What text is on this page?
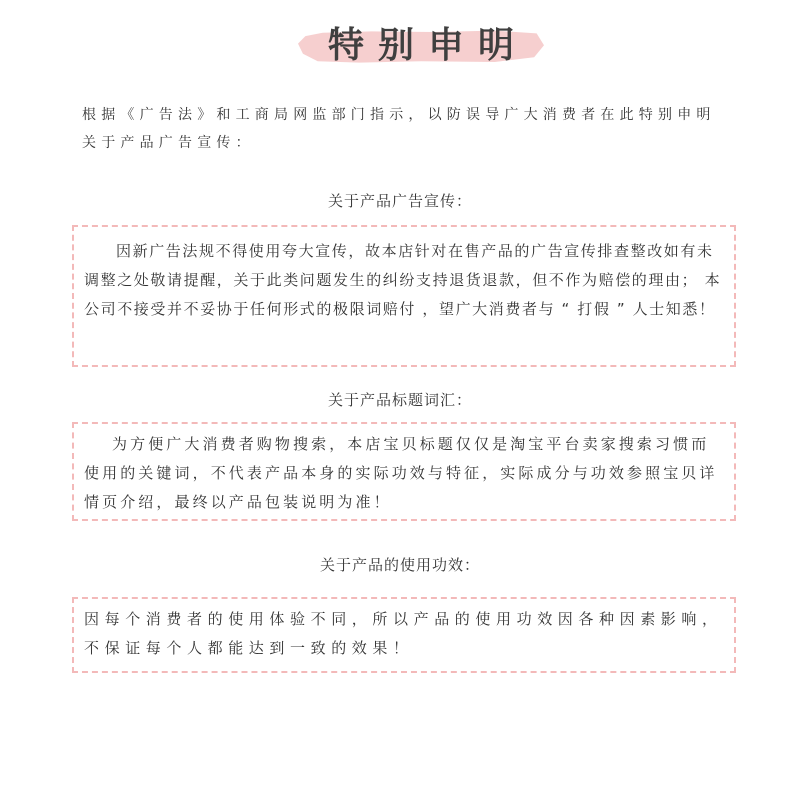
特别申明
根据《广告法》和工商局网监部门指示，以防误导广大消费者在此特别申明关于产品广告宣传：
关于产品广告宣传：
因新广告法规不得使用夸大宣传，故本店针对在售产品的广告宣传排查整改如有未调整之处敬请提醒，关于此类问题发生的纠纷支持退货退款，但不作为赔偿的理由； 本公司不接受并不妥协于任何形式的极限词赔付 ，望广大消费者与 “ 打假 ” 人士知悉！
关于产品标题词汇：
为方便广大消费者购物搜索，本店宝贝标题仅仅是淘宝平台卖家搜索习惯而使用的关键词，不代表产品本身的实际功效与特征，实际成分与功效参照宝贝详情页介绍，最终以产品包装说明为准！
关于产品的使用功效：
因每个消费者的使用体验不同，所以产品的使用功效因各种因素影响，不保证每个人都能达到一致的效果！
